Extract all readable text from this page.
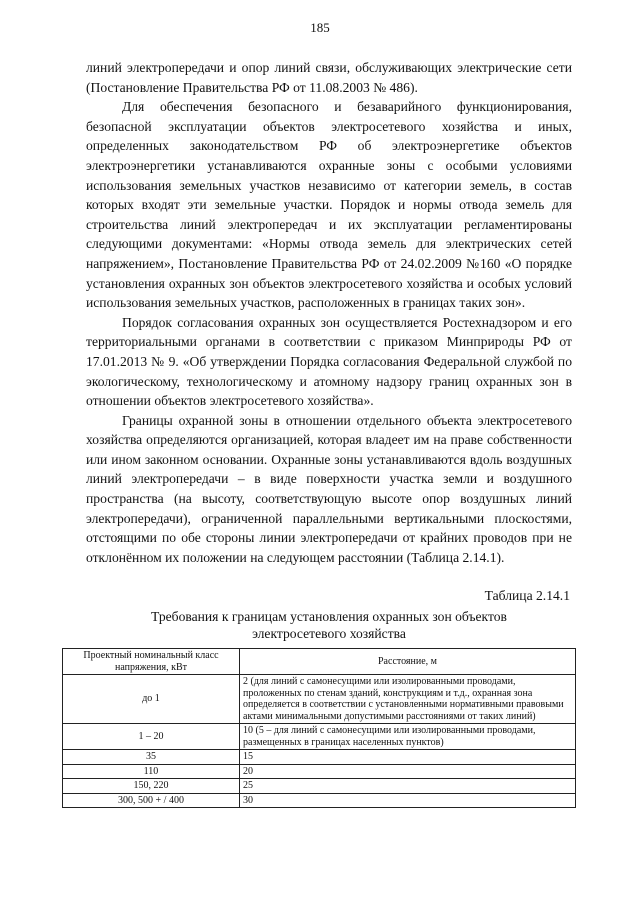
185

линий электропередачи и опор линий связи, обслуживающих электрические сети (Постановление Правительства РФ от 11.08.2003 № 486).

Для обеспечения безопасного и безаварийного функционирования, безопасной эксплуатации объектов электросетевого хозяйства и иных, определенных законодательством РФ об электроэнергетике объектов электроэнергетики устанавливаются охранные зоны с особыми условиями использования земельных участков независимо от категории земель, в состав которых входят эти земельные участки. Порядок и нормы отвода земель для строительства линий электропередач и их эксплуатации регламентированы следующими документами: «Нормы отвода земель для электрических сетей напряжением», Постановление Правительства РФ от 24.02.2009 №160 «О порядке установления охранных зон объектов электросетевого хозяйства и особых условий использования земельных участков, расположенных в границах таких зон».

Порядок согласования охранных зон осуществляется Ростехнадзором и его территориальными органами в соответствии с приказом Минприроды РФ от 17.01.2013 № 9. «Об утверждении Порядка согласования Федеральной службой по экологическому, технологическому и атомному надзору границ охранных зон в отношении объектов электросетевого хозяйства».

Границы охранной зоны в отношении отдельного объекта электросетевого хозяйства определяются организацией, которая владеет им на праве собственности или ином законном основании. Охранные зоны устанавливаются вдоль воздушных линий электропередачи – в виде поверхности участка земли и воздушного пространства (на высоту, соответствующую высоте опор воздушных линий электропередачи), ограниченной параллельными вертикальными плоскостями, отстоящими по обе стороны линии электропередачи от крайних проводов при не отклонённом их положении на следующем расстоянии (Таблица 2.14.1).

Таблица 2.14.1
Требования к границам установления охранных зон объектов
электросетевого хозяйства
Проектный номинальный класс напряжения, кВт	Расстояние, м
до 1	2 (для линий с самонесущими или изолированными проводами, проложенных по стенам зданий, конструкциям и т.д., охранная зона определяется в соответствии с установленными нормативными правовыми актами минимальными допустимыми расстояниями от таких линий)
1 – 20	10 (5 – для линий с самонесущими или изолированными проводами, размещенных в границах населенных пунктов)
35	15
110	20
150, 220	25
300, 500 + / 400	30
